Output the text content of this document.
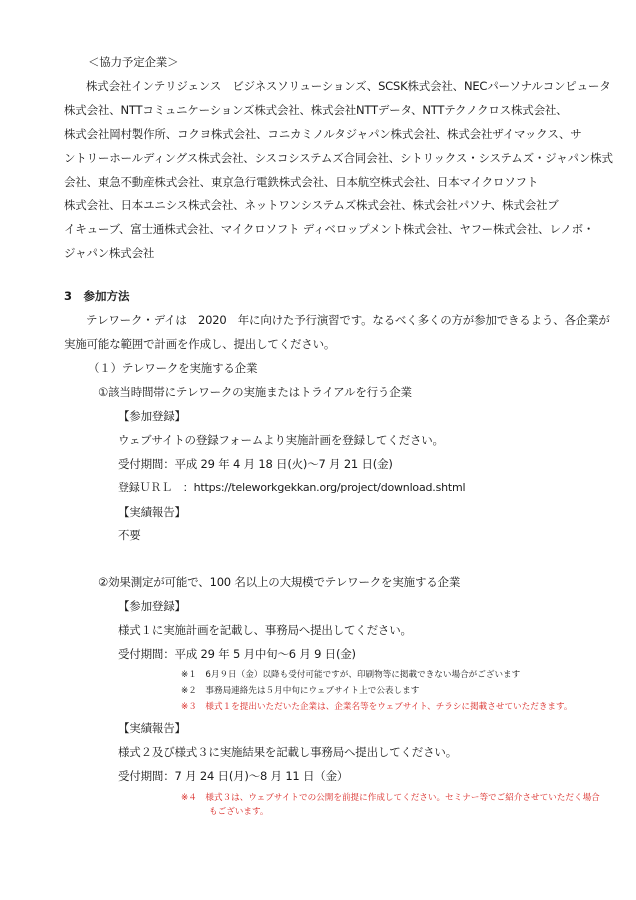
＜協力予定企業＞
株式会社インテリジェンス　ビジネスソリューションズ、SCSK株式会社、NECパーソナルコンピュータ
株式会社、NTTコミュニケーションズ株式会社、株式会社NTTデータ、NTTテクノクロス株式会社、
株式会社岡村製作所、コクヨ株式会社、コニカミノルタジャパン株式会社、株式会社ザイマックス、サ
ントリーホールディングス株式会社、シスコシステムズ合同会社、シトリックス・システムズ・ジャパン株式
会社、東急不動産株式会社、東京急行電鉄株式会社、日本航空株式会社、日本マイクロソフト
株式会社、日本ユニシス株式会社、ネットワンシステムズ株式会社、株式会社パソナ、株式会社ブ
イキューブ、富士通株式会社、マイクロソフト ディベロップメント株式会社、ヤフー株式会社、レノボ・
ジャパン株式会社
3　参加方法
テレワーク・デイは　2020　年に向けた予行演習です。なるべく多くの方が参加できるよう、各企業が
実施可能な範囲で計画を作成し、提出してください。
（１）テレワークを実施する企業
①該当時間帯にテレワークの実施またはトライアルを行う企業
【参加登録】
ウェブサイトの登録フォームより実施計画を登録してください。
受付期間：平成 29 年 4 月 18 日(火)～7 月 21 日(金)
登録ＵＲＬ　：https://teleworkgekkan.org/project/download.shtml
【実績報告】
不要
②効果測定が可能で、100 名以上の大規模でテレワークを実施する企業
【参加登録】
様式１に実施計画を記載し、事務局へ提出してください。
受付期間：平成 29 年 5 月中旬～6 月 9 日(金)
※１　6月９日（金）以降も受付可能ですが、印刷物等に掲載できない場合がございます
※２　事務局連絡先は５月中旬にウェブサイト上で公表します
※３　様式１を提出いただいた企業は、企業名等をウェブサイト、チラシに掲載させていただきます。
【実績報告】
様式２及び様式３に実施結果を記載し事務局へ提出してください。
受付期間：7 月 24 日(月)～8 月 11 日（金）
※４　様式３は、ウェブサイトでの公開を前提に作成してください。セミナー等でご紹介させていただく場合
もございます。
